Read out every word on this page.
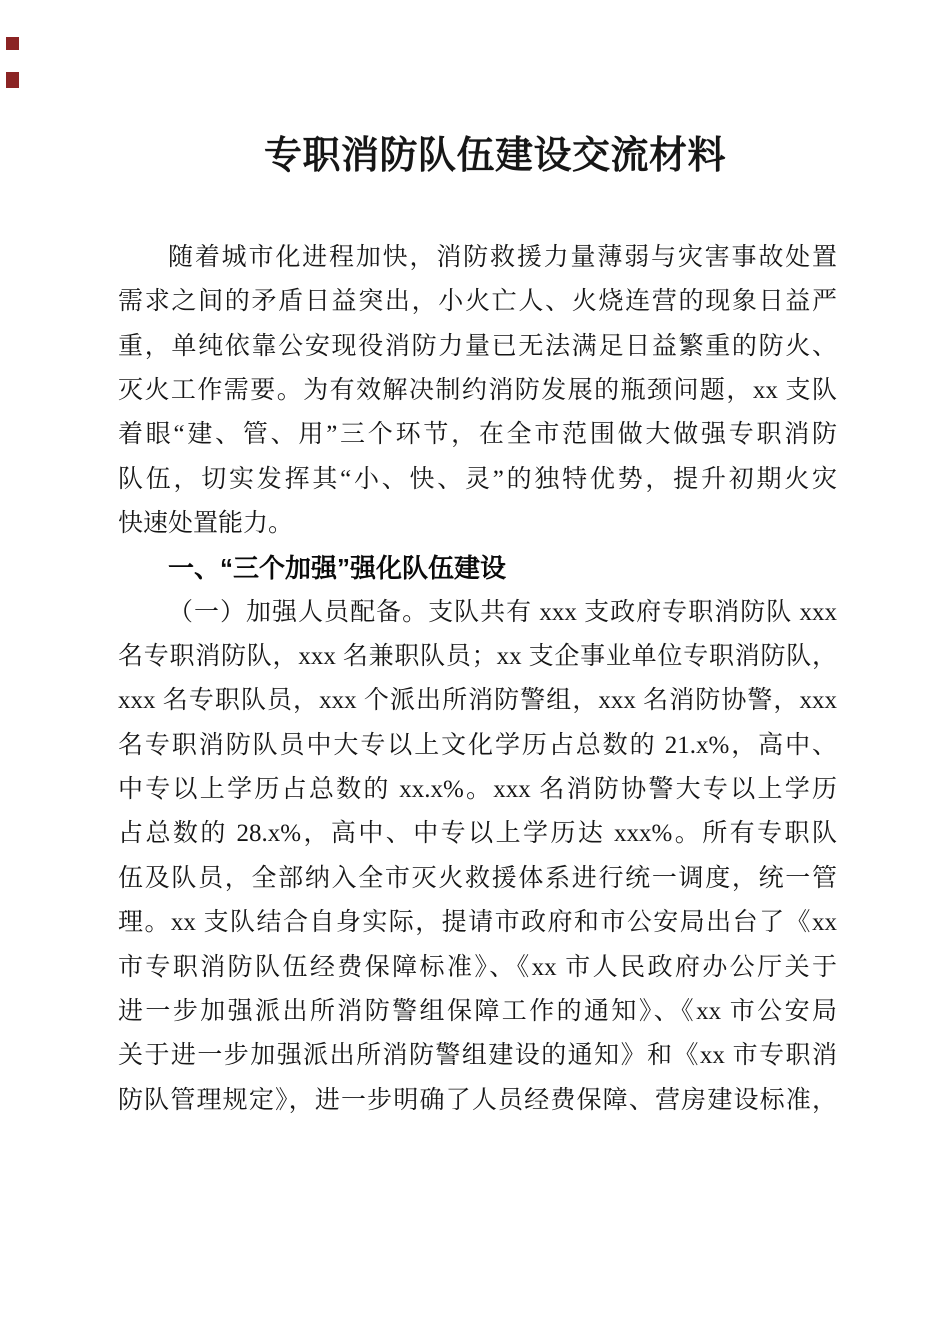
专职消防队伍建设交流材料
随着城市化进程加快，消防救援力量薄弱与灾害事故处置
需求之间的矛盾日益突出，小火亡人、火烧连营的现象日益严
重，单纯依靠公安现役消防力量已无法满足日益繁重的防火、
灭火工作需要。为有效解决制约消防发展的瓶颈问题，xx 支队
着眼“建、管、用”三个环节，在全市范围做大做强专职消防
队伍，切实发挥其“小、快、灵”的独特优势，提升初期火灾
快速处置能力。
一、“三个加强”强化队伍建设
（一）加强人员配备。支队共有 xxx 支政府专职消防队 xxx
名专职消防队，xxx 名兼职队员；xx 支企事业单位专职消防队，
xxx 名专职队员，xxx 个派出所消防警组，xxx 名消防协警，xxx
名专职消防队员中大专以上文化学历占总数的 21.x%，高中、
中专以上学历占总数的 xx.x%。xxx 名消防协警大专以上学历
占总数的 28.x%，高中、中专以上学历达 xxx%。所有专职队
伍及队员，全部纳入全市灭火救援体系进行统一调度，统一管
理。xx 支队结合自身实际，提请市政府和市公安局出台了《xx
市专职消防队伍经费保障标准》、《xx 市人民政府办公厅关于
进一步加强派出所消防警组保障工作的通知》、《xx 市公安局
关于进一步加强派出所消防警组建设的通知》和《xx 市专职消
防队管理规定》，进一步明确了人员经费保障、营房建设标准，
